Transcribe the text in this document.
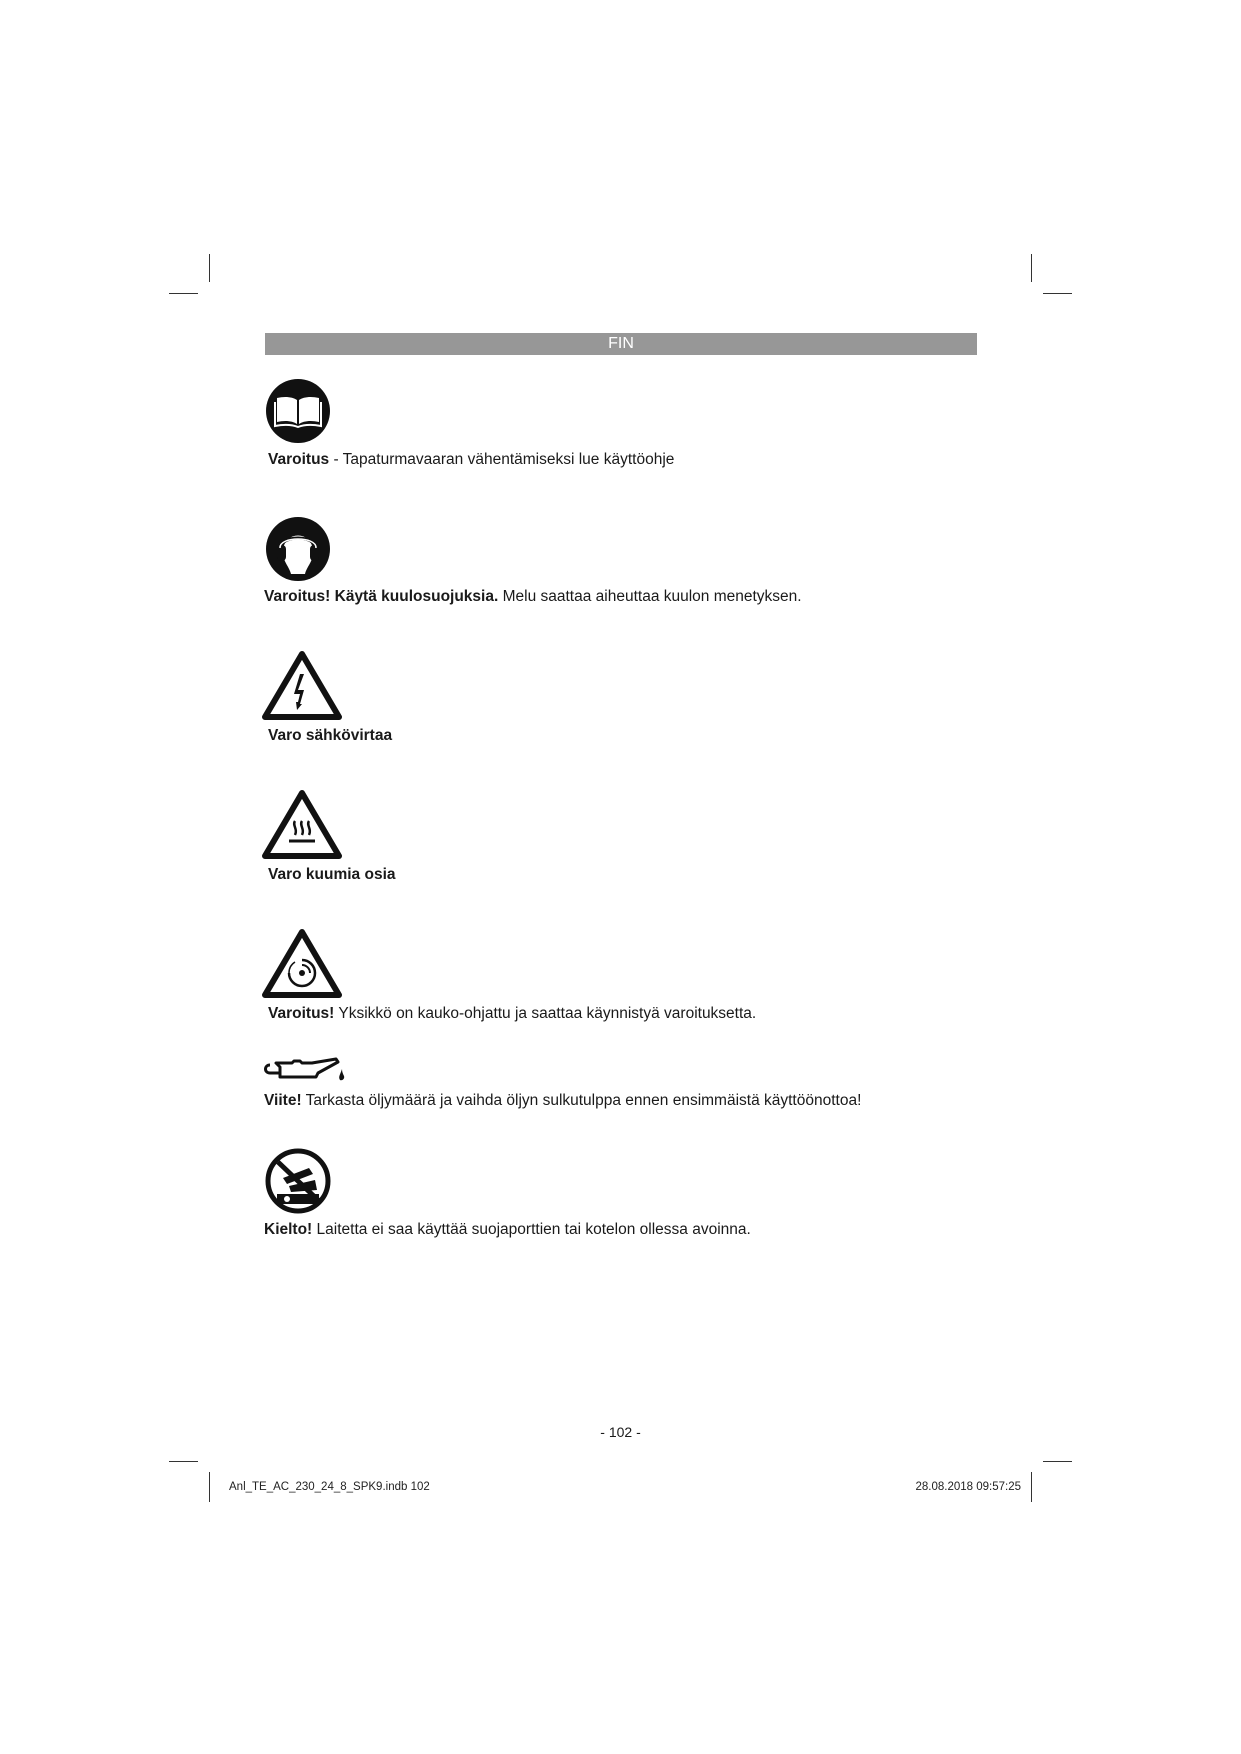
FIN
Varoitus - Tapaturmavaaran vähentämiseksi lue käyttöohje
Varoitus! Käytä kuulosuojuksia. Melu saattaa aiheuttaa kuulon menetyksen.
Varo sähkövirtaa
Varo kuumia osia
Varoitus! Yksikkö on kauko-ohjattu ja saattaa käynnistyä varoituksetta.
Viite! Tarkasta öljymäärä ja vaihda öljyn sulkutulppa ennen ensimmäistä käyttöönottoa!
Kielto! Laitetta ei saa käyttää suojaporttien tai kotelon ollessa avoinna.
- 102 -
Anl_TE_AC_230_24_8_SPK9.indb 102	28.08.2018 09:57:25
